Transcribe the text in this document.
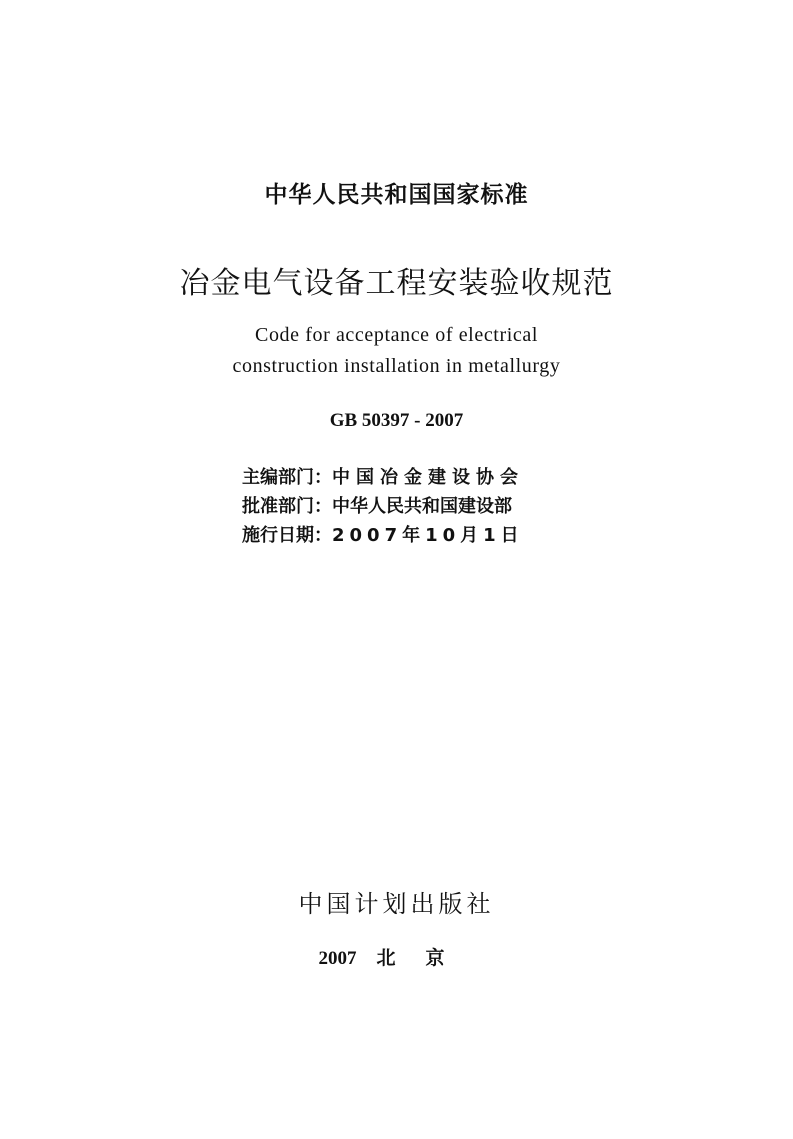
中华人民共和国国家标准
冶金电气设备工程安装验收规范
Code for acceptance of electrical
construction installation in metallurgy
GB 50397 - 2007
主编部门：中国冶金建设协会
批准部门：中华人民共和国建设部
施行日期：2007年10月1日
中国计划出版社
2007 北京
